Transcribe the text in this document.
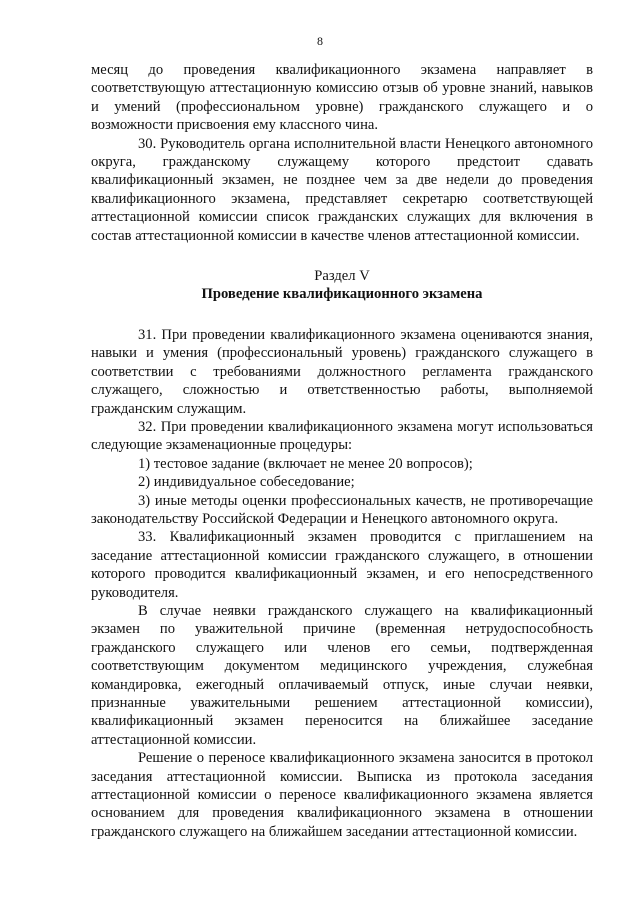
8

месяц до проведения квалификационного экзамена направляет в соответствующую аттестационную комиссию отзыв об уровне знаний, навыков и умений (профессиональном уровне) гражданского служащего и о возможности присвоения ему классного чина.

30. Руководитель органа исполнительной власти Ненецкого автономного округа, гражданскому служащему которого предстоит сдавать квалификационный экзамен, не позднее чем за две недели до проведения квалификационного экзамена, представляет секретарю соответствующей аттестационной комиссии список гражданских служащих для включения в состав аттестационной комиссии в качестве членов аттестационной комиссии.

Раздел V
Проведение квалификационного экзамена

31. При проведении квалификационного экзамена оцениваются знания, навыки и умения (профессиональный уровень) гражданского служащего в соответствии с требованиями должностного регламента гражданского служащего, сложностью и ответственностью работы, выполняемой гражданским служащим.

32. При проведении квалификационного экзамена могут использоваться следующие экзаменационные процедуры:

1) тестовое задание (включает не менее 20 вопросов);

2) индивидуальное собеседование;

3) иные методы оценки профессиональных качеств, не противоречащие законодательству Российской Федерации и Ненецкого автономного округа.

33. Квалификационный экзамен проводится с приглашением на заседание аттестационной комиссии гражданского служащего, в отношении которого проводится квалификационный экзамен, и его непосредственного руководителя.

В случае неявки гражданского служащего на квалификационный экзамен по уважительной причине (временная нетрудоспособность гражданского служащего или членов его семьи, подтвержденная соответствующим документом медицинского учреждения, служебная командировка, ежегодный оплачиваемый отпуск, иные случаи неявки, признанные уважительными решением аттестационной комиссии), квалификационный экзамен переносится на ближайшее заседание аттестационной комиссии.

Решение о переносе квалификационного экзамена заносится в протокол заседания аттестационной комиссии. Выписка из протокола заседания аттестационной комиссии о переносе квалификационного экзамена является основанием для проведения квалификационного экзамена в отношении гражданского служащего на ближайшем заседании аттестационной комиссии.
